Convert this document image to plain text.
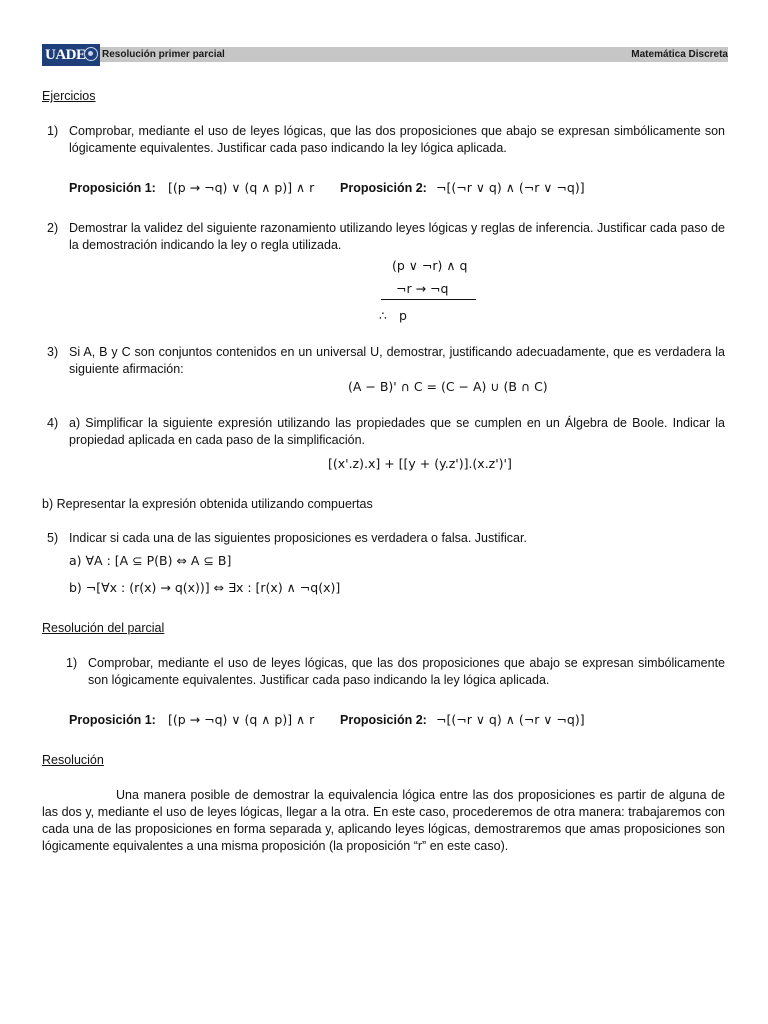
UADE	Resolución primer parcial	Matemática Discreta
Ejercicios
1) Comprobar, mediante el uso de leyes lógicas, que las dos proposiciones que abajo se expresan simbólicamente son lógicamente equivalentes. Justificar cada paso indicando la ley lógica aplicada.
Proposición 1: [(p → ¬q) ∨ (q ∧ p)] ∧ r Proposición 2: ¬[(¬r ∨ q) ∧ (¬r ∨ ¬q)]
2) Demostrar la validez del siguiente razonamiento utilizando leyes lógicas y reglas de inferencia. Justificar cada paso de la demostración indicando la ley o regla utilizada.
(p ∨ ¬r) ∧ q
¬r → ¬q
∴ p
3) Si A, B y C son conjuntos contenidos en un universal U, demostrar, justificando adecuadamente, que es verdadera la siguiente afirmación:
(A − B)' ∩ C = (C − A) ∪ (B ∩ C)
4) a) Simplificar la siguiente expresión utilizando las propiedades que se cumplen en un Álgebra de Boole. Indicar la propiedad aplicada en cada paso de la simplificación.
[(x'.z).x] + [[y + (y.z')].(x.z')']
b) Representar la expresión obtenida utilizando compuertas
5) Indicar si cada una de las siguientes proposiciones es verdadera o falsa. Justificar.
a) ∀A : [A ⊆ P(B) ⇔ A ⊆ B]
b) ¬[∀x : (r(x) → q(x))] ⇔ ∃x : [r(x) ∧ ¬q(x)]
Resolución del parcial
1) Comprobar, mediante el uso de leyes lógicas, que las dos proposiciones que abajo se expresan simbólicamente son lógicamente equivalentes. Justificar cada paso indicando la ley lógica aplicada.
Proposición 1: [(p → ¬q) ∨ (q ∧ p)] ∧ r Proposición 2: ¬[(¬r ∨ q) ∧ (¬r ∨ ¬q)]
Resolución
Una manera posible de demostrar la equivalencia lógica entre las dos proposiciones es partir de alguna de las dos y, mediante el uso de leyes lógicas, llegar a la otra. En este caso, procederemos de otra manera: trabajaremos con cada una de las proposiciones en forma separada y, aplicando leyes lógicas, demostraremos que amas proposiciones son lógicamente equivalentes a una misma proposición (la proposición “r” en este caso).
